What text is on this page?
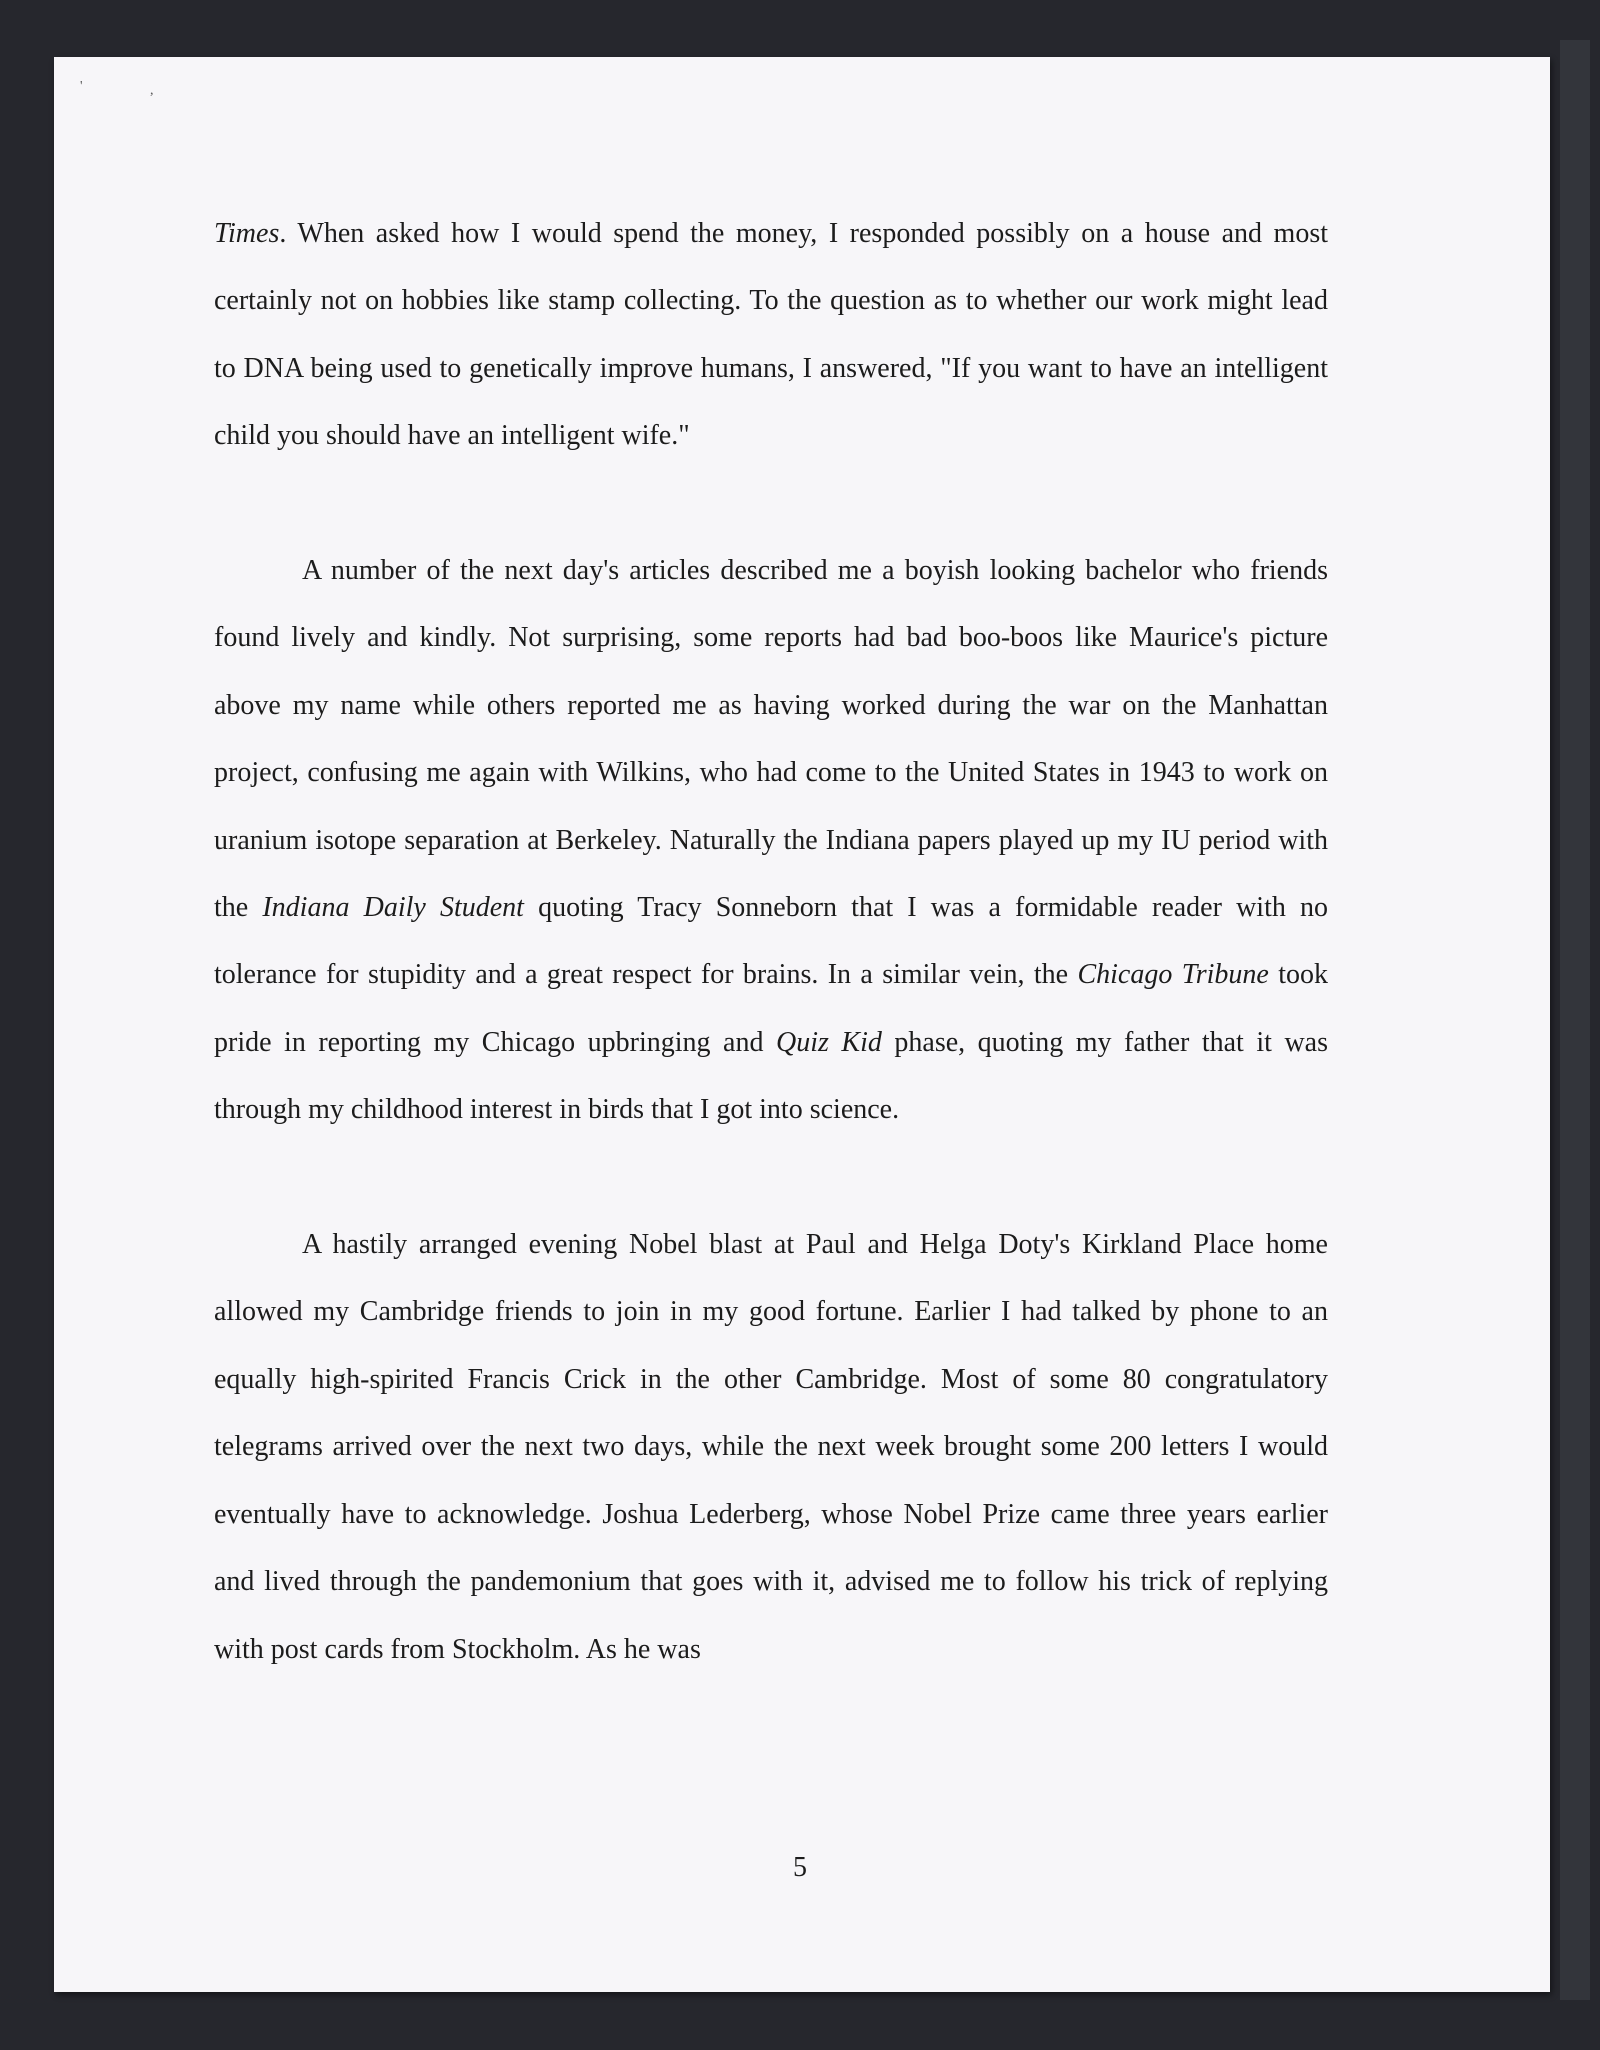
'	,

Times. When asked how I would spend the money, I responded possibly on a house and most certainly not on hobbies like stamp collecting. To the question as to whether our work might lead to DNA being used to genetically improve humans, I answered, "If you want to have an intelligent child you should have an intelligent wife."

A number of the next day's articles described me a boyish looking bachelor who friends found lively and kindly. Not surprising, some reports had bad boo-boos like Maurice's picture above my name while others reported me as having worked during the war on the Manhattan project, confusing me again with Wilkins, who had come to the United States in 1943 to work on uranium isotope separation at Berkeley. Naturally the Indiana papers played up my IU period with the Indiana Daily Student quoting Tracy Sonneborn that I was a formidable reader with no tolerance for stupidity and a great respect for brains. In a similar vein, the Chicago Tribune took pride in reporting my Chicago upbringing and Quiz Kid phase, quoting my father that it was through my childhood interest in birds that I got into science.

A hastily arranged evening Nobel blast at Paul and Helga Doty's Kirkland Place home allowed my Cambridge friends to join in my good fortune. Earlier I had talked by phone to an equally high-spirited Francis Crick in the other Cambridge. Most of some 80 congratulatory telegrams arrived over the next two days, while the next week brought some 200 letters I would eventually have to acknowledge. Joshua Lederberg, whose Nobel Prize came three years earlier and lived through the pandemonium that goes with it, advised me to follow his trick of replying with post cards from Stockholm. As he was

5
